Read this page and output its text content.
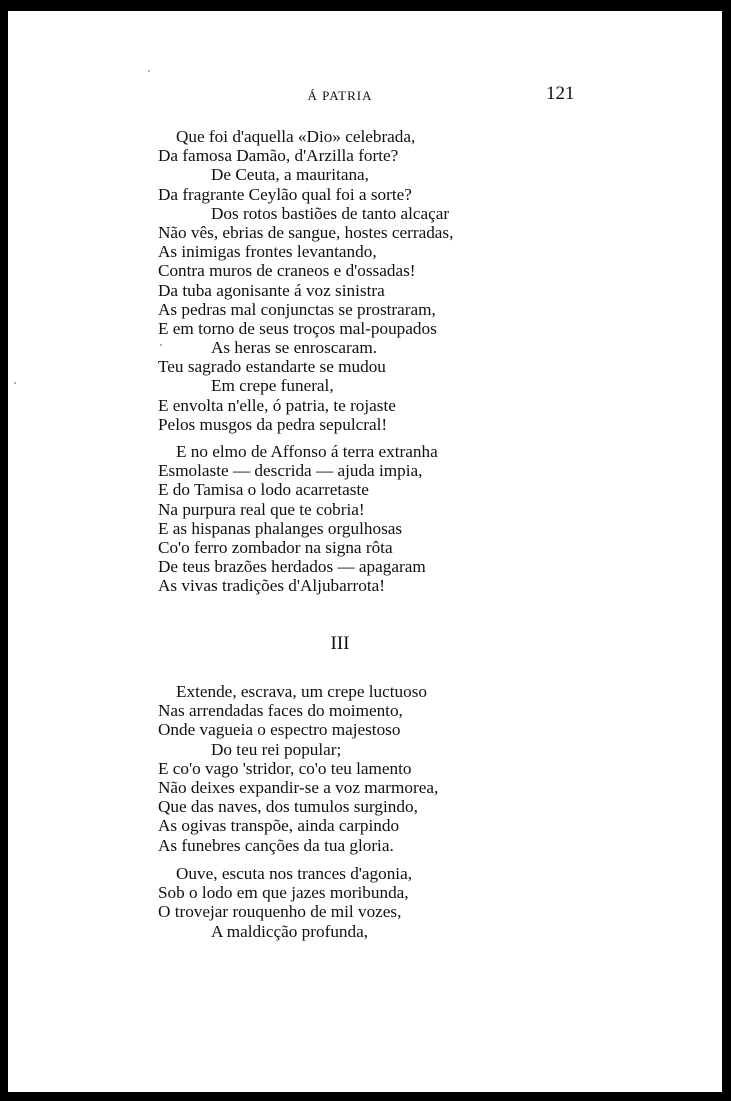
Á PATRIA	121
Que foi d'aquella «Dio» celebrada,
Da famosa Damão, d'Arzilla forte?
De Ceuta, a mauritana,
Da fragrante Ceylão qual foi a sorte?
Dos rotos bastiões de tanto alcaçar
Não vês, ebrias de sangue, hostes cerradas,
As inimigas frontes levantando,
Contra muros de craneos e d'ossadas!
Da tuba agonisante á voz sinistra
As pedras mal conjunctas se prostraram,
E em torno de seus troços mal-poupados
As heras se enroscaram.
Teu sagrado estandarte se mudou
Em crepe funeral,
E envolta n'elle, ó patria, te rojaste
Pelos musgos da pedra sepulcral!
E no elmo de Affonso á terra extranha
Esmolaste — descrida — ajuda impia,
E do Tamisa o lodo acarretaste
Na purpura real que te cobria!
E as hispanas phalanges orgulhosas
Co'o ferro zombador na signa rôta
De teus brazões herdados — apagaram
As vivas tradições d'Aljubarrota!
III
Extende, escrava, um crepe luctuoso
Nas arrendadas faces do moimento,
Onde vagueia o espectro majestoso
Do teu rei popular;
E co'o vago 'stridor, co'o teu lamento
Não deixes expandir-se a voz marmorea,
Que das naves, dos tumulos surgindo,
As ogivas transpõe, ainda carpindo
As funebres canções da tua gloria.
Ouve, escuta nos trances d'agonia,
Sob o lodo em que jazes moribunda,
O trovejar rouquenho de mil vozes,
A maldicção profunda,
